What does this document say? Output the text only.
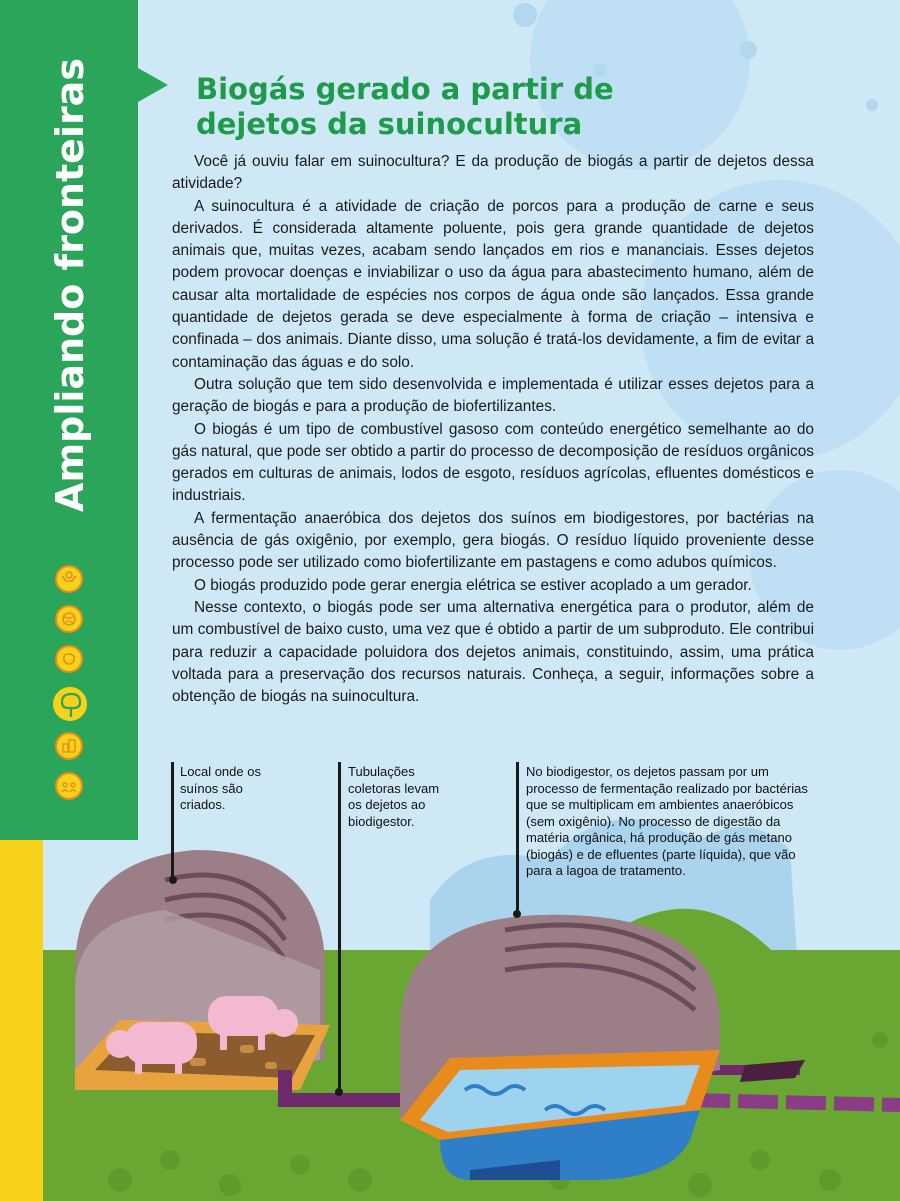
Ampliando fronteiras	Biogás gerado a partir de
dejetos da suinocultura

Você já ouviu falar em suinocultura? E da produção de biogás a partir de dejetos dessa atividade?

A suinocultura é a atividade de criação de porcos para a produção de carne e seus derivados. É considerada altamente poluente, pois gera grande quantidade de dejetos animais que, muitas vezes, acabam sendo lançados em rios e mananciais. Esses dejetos podem provocar doenças e inviabilizar o uso da água para abastecimento humano, além de causar alta mortalidade de espécies nos corpos de água onde são lançados. Essa grande quantidade de dejetos gerada se deve especialmente à forma de criação – intensiva e confinada – dos animais. Diante disso, uma solução é tratá-los devidamente, a fim de evitar a contaminação das águas e do solo.

Outra solução que tem sido desenvolvida e implementada é utilizar esses dejetos para a geração de biogás e para a produção de biofertilizantes.

O biogás é um tipo de combustível gasoso com conteúdo energético semelhante ao do gás natural, que pode ser obtido a partir do processo de decomposição de resíduos orgânicos gerados em culturas de animais, lodos de esgoto, resíduos agrícolas, efluentes domésticos e industriais.

A fermentação anaeróbica dos dejetos dos suínos em biodigestores, por bactérias na ausência de gás oxigênio, por exemplo, gera biogás. O resíduo líquido proveniente desse processo pode ser utilizado como biofertilizante em pastagens e como adubos químicos.

O biogás produzido pode gerar energia elétrica se estiver acoplado a um gerador.

Nesse contexto, o biogás pode ser uma alternativa energética para o produtor, além de um combustível de baixo custo, uma vez que é obtido a partir de um subproduto. Ele contribui para reduzir a capacidade poluidora dos dejetos animais, constituindo, assim, uma prática voltada para a preservação dos recursos naturais. Conheça, a seguir, informações sobre a obtenção de biogás na suinocultura.

Local onde os suínos são criados.
Tubulações coletoras levam os dejetos ao biodigestor.
No biodigestor, os dejetos passam por um processo de fermentação realizado por bactérias que se multiplicam em ambientes anaeróbicos (sem oxigênio). No processo de digestão da matéria orgânica, há produção de gás metano (biogás) e de efluentes (parte líquida), que vão para a lagoa de tratamento.
